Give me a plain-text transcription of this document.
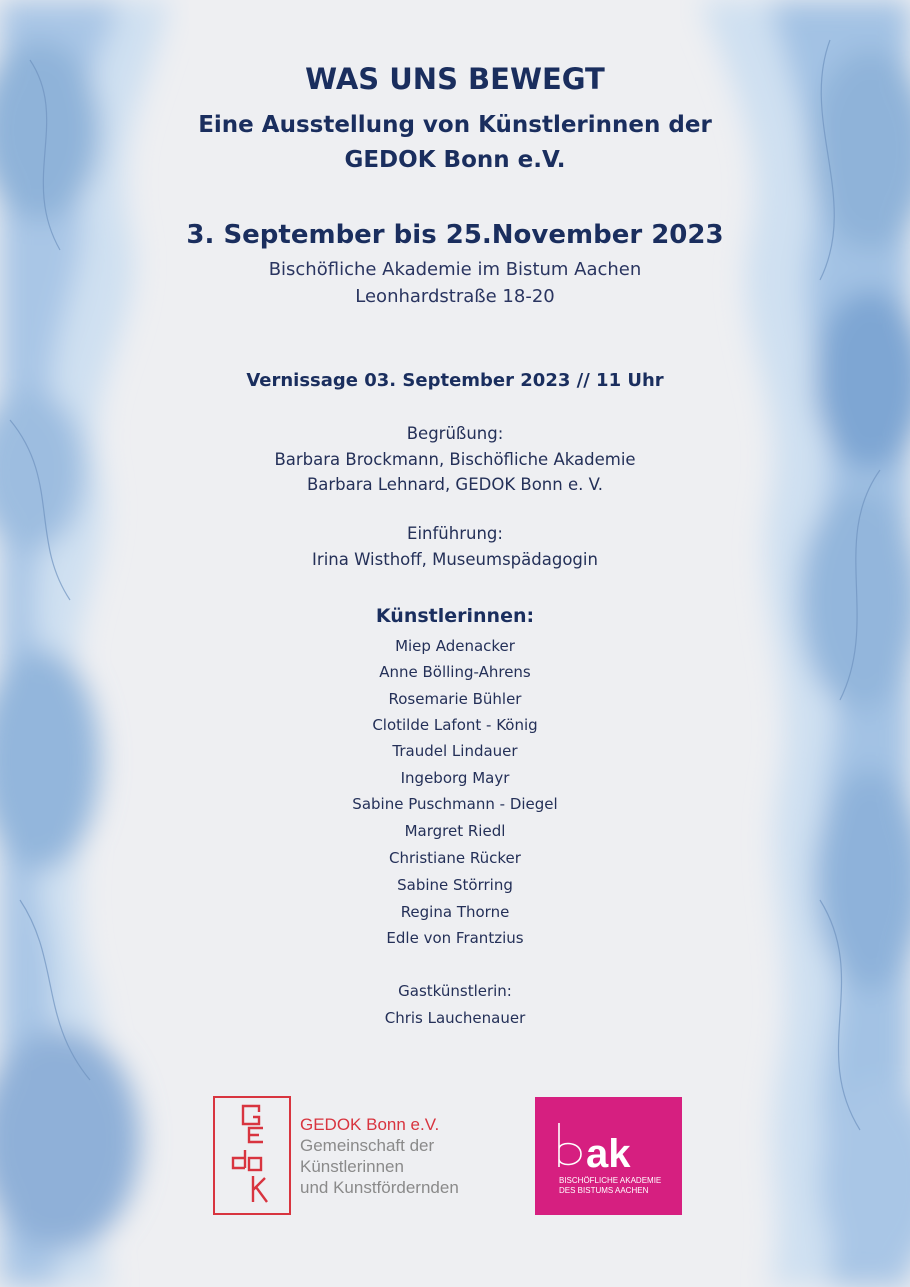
WAS UNS BEWEGT
Eine Ausstellung von Künstlerinnen der
GEDOK Bonn e.V.
3. September bis 25.November 2023
Bischöfliche Akademie im Bistum Aachen
Leonhardstraße 18-20
Vernissage 03. September 2023 // 11 Uhr
Begrüßung:
Barbara Brockmann, Bischöfliche Akademie
Barbara Lehnard, GEDOK Bonn e. V.
Einführung:
Irina Wisthoff, Museumspädagogin
Künstlerinnen:
Miep Adenacker
Anne Bölling-Ahrens
Rosemarie Bühler
Clotilde Lafont - König
Traudel Lindauer
Ingeborg Mayr
Sabine Puschmann - Diegel
Margret Riedl
Christiane Rücker
Sabine Störring
Regina Thorne
Edle von Frantzius
Gastkünstlerin:
Chris Lauchenauer
GEDOK Bonn e.V.
Gemeinschaft der
Künstlerinnen
und Kunstfördernden
ak
BISCHÖFLICHE AKADEMIE
DES BISTUMS AACHEN
